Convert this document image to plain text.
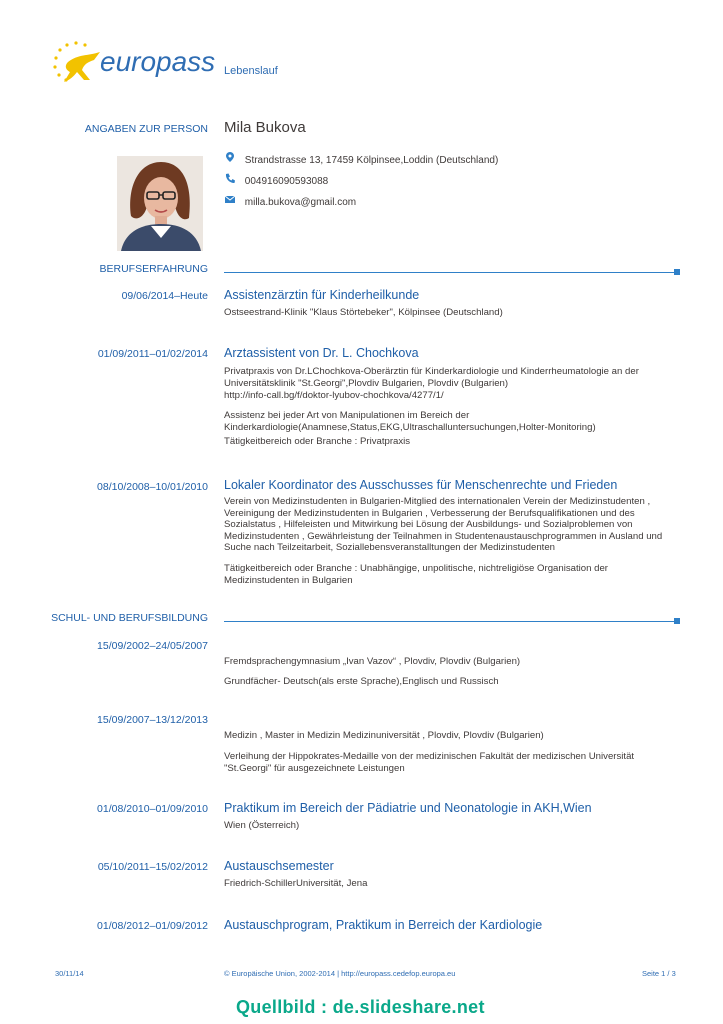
europass Lebenslauf
ANGABEN ZUR PERSON Mila Bukova
Strandstrasse 13, 17459 Kölpinsee,Loddin (Deutschland)
004916090593088
milla.bukova@gmail.com
BERUFSERFAHRUNG
09/06/2014–Heute Assistenzärztin für Kinderheilkunde
Ostseestrand-Klinik "Klaus Störtebeker", Kölpinsee (Deutschland)
01/09/2011–01/02/2014 Arztassistent von Dr. L. Chochkova
Privatpraxis von Dr.LChochkova-Oberärztin für Kinderkardiologie und Kinderrheumatologie an der Universitätsklinik "St.Georgi",Plovdiv Bulgarien, Plovdiv (Bulgarien)
http://info-call.bg/f/doktor-lyubov-chochkova/4277/1/
Assistenz bei jeder Art von Manipulationen im Bereich der Kinderkardiologie(Anamnese,Status,EKG,Ultraschalluntersuchungen,Holter-Monitoring)
Tätigkeitbereich oder Branche : Privatpraxis
08/10/2008–10/01/2010 Lokaler Koordinator des Ausschusses für Menschenrechte und Frieden
Verein von Medizinstudenten in Bulgarien-Mitglied des internationalen Verein der Medizinstudenten , Vereinigung der Medizinstudenten in Bulgarien , Verbesserung der Berufsqualifikationen und des Sozialstatus , Hilfeleisten und Mitwirkung bei Lösung der Ausbildungs- und Sozialproblemen von Medizinstudenten , Gewährleistung der Teilnahmen in Studentenaustauschprogrammen in Ausland und Suche nach Teilzeitarbeit, Soziallebensveranstalltungen der Medizinstudenten
Tätigkeitbereich oder Branche : Unabhängige, unpolitische, nichtreligiöse Organisation der Medizinstudenten in Bulgarien
SCHUL- UND BERUFSBILDUNG
15/09/2002–24/05/2007
Fremdsprachengymnasium „Ivan Vazov“ , Plovdiv, Plovdiv (Bulgarien)
Grundfächer- Deutsch(als erste Sprache),Englisch und Russisch
15/09/2007–13/12/2013
Medizin , Master in Medizin Medizinuniversität , Plovdiv, Plovdiv (Bulgarien)
Verleihung der Hippokrates-Medaille von der medizinischen Fakultät der medizischen Universität "St.Georgi" für ausgezeichnete Leistungen
01/08/2010–01/09/2010 Praktikum im Bereich der Pädiatrie und Neonatologie in AKH,Wien
Wien (Österreich)
05/10/2011–15/02/2012 Austauschsemester
Friedrich-SchillerUniversität, Jena
01/08/2012–01/09/2012 Austauschprogram, Praktikum in Berreich der Kardiologie
30/11/14	© Europäische Union, 2002-2014 | http://europass.cedefop.europa.eu	Seite 1 / 3
Quellbild : de.slideshare.net
